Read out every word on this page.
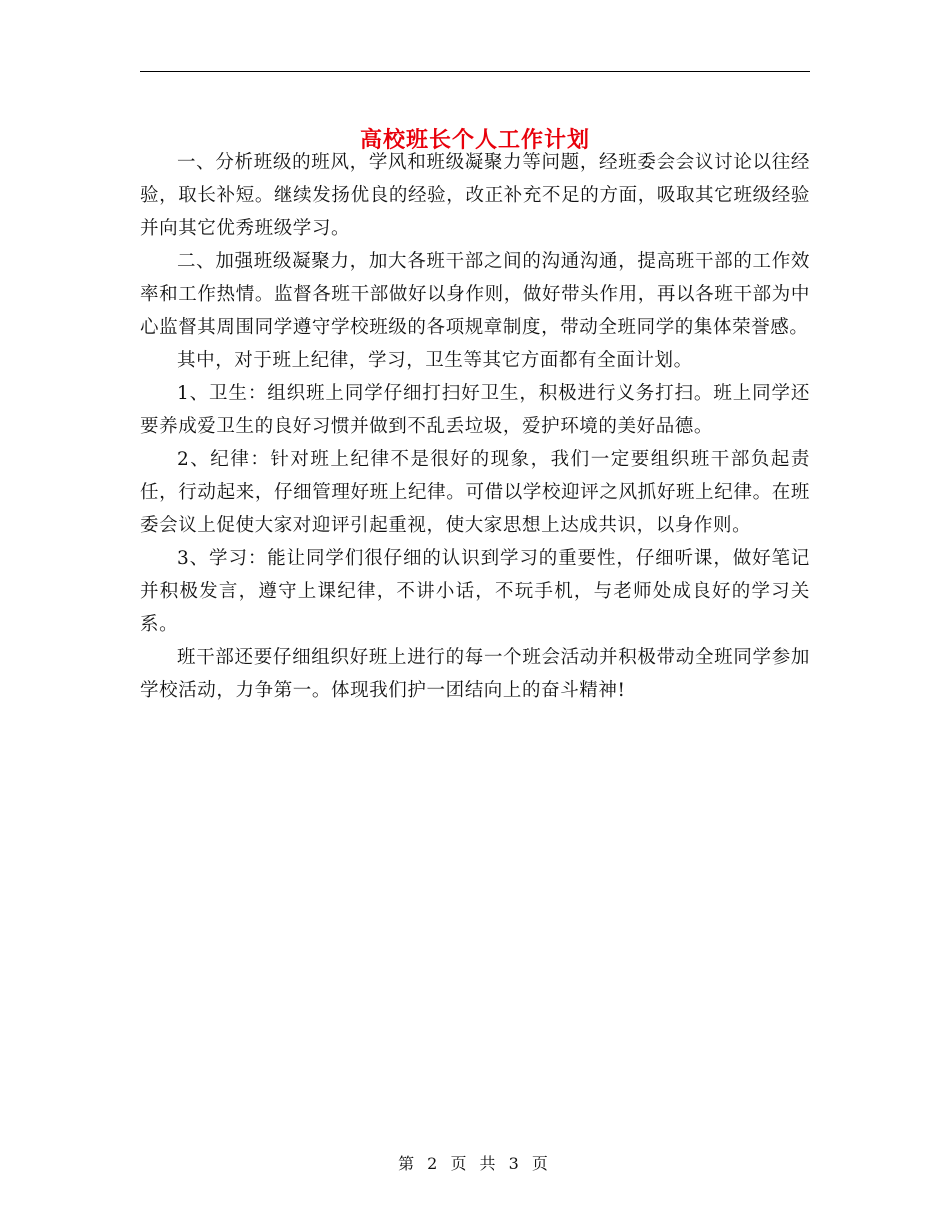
高校班长个人工作计划

一、分析班级的班风，学风和班级凝聚力等问题，经班委会会议讨论以往经验，取长补短。继续发扬优良的经验，改正补充不足的方面，吸取其它班级经验并向其它优秀班级学习。

二、加强班级凝聚力，加大各班干部之间的沟通沟通，提高班干部的工作效率和工作热情。监督各班干部做好以身作则，做好带头作用，再以各班干部为中心监督其周围同学遵守学校班级的各项规章制度，带动全班同学的集体荣誉感。

其中，对于班上纪律，学习，卫生等其它方面都有全面计划。

1、卫生：组织班上同学仔细打扫好卫生，积极进行义务打扫。班上同学还要养成爱卫生的良好习惯并做到不乱丢垃圾，爱护环境的美好品德。

2、纪律：针对班上纪律不是很好的现象，我们一定要组织班干部负起责任，行动起来，仔细管理好班上纪律。可借以学校迎评之风抓好班上纪律。在班委会议上促使大家对迎评引起重视，使大家思想上达成共识，以身作则。

3、学习：能让同学们很仔细的认识到学习的重要性，仔细听课，做好笔记并积极发言，遵守上课纪律，不讲小话，不玩手机，与老师处成良好的学习关系。

班干部还要仔细组织好班上进行的每一个班会活动并积极带动全班同学参加学校活动，力争第一。体现我们护一团结向上的奋斗精神!

第 2 页 共 3 页
